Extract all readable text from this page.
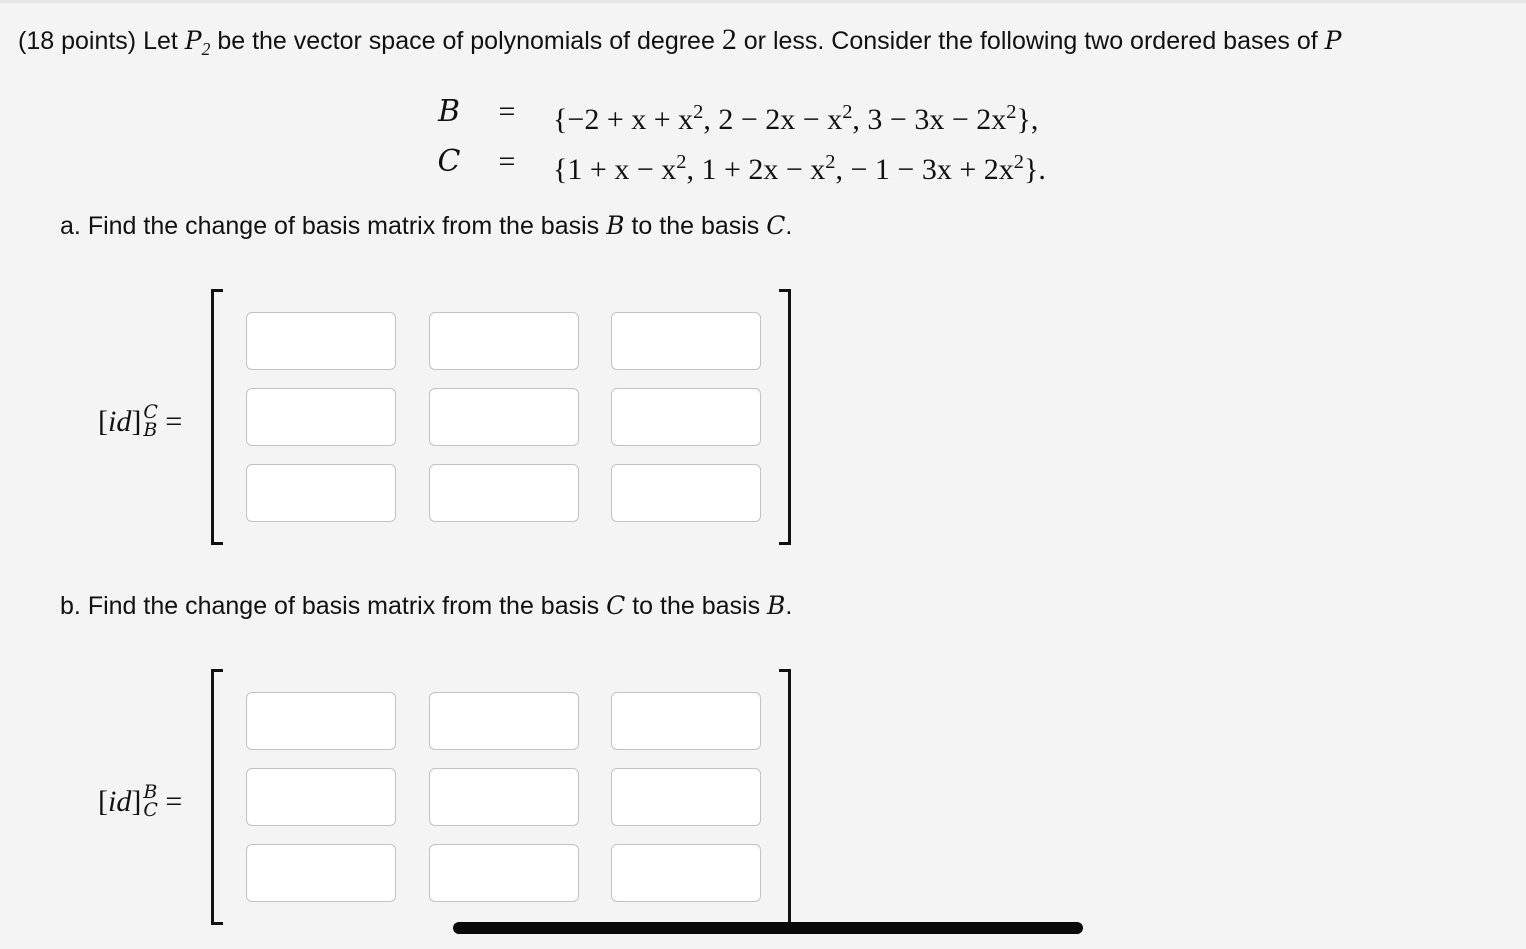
(18 points) Let $P_2$ be the vector space of polynomials of degree 2 or less. Consider the following two ordered bases of P
$B = \{-2 + x + x^2$, $2 - 2x - x^2$, $3 - 3x - 2x^2$},
$C = \{1 + x - x^2$, $1 + 2x - x^2$, − $1 - 3x + 2x^2$}.
a. Find the change of basis matrix from the basis B to the basis C.
[id] C
B =
b. Find the change of basis matrix from the basis C to the basis B.
[id] B
C =
